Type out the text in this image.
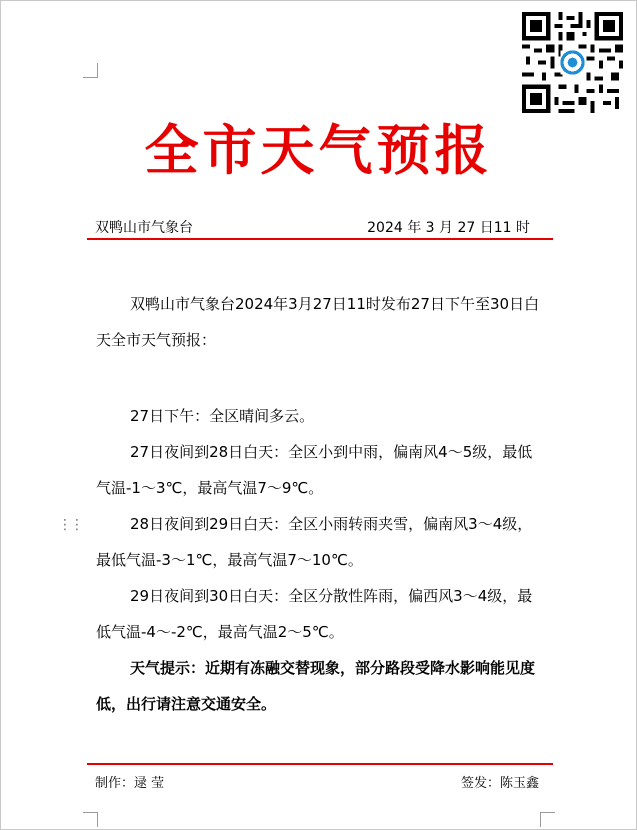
全市天气预报
双鸭山市气象台	2024 年 3 月 27 日11 时

双鸭山市气象台2024年3月27日11时发布27日下午至30日白天全市天气预报：

27日下午：全区晴间多云。

27日夜间到28日白天：全区小到中雨，偏南风4～5级，最低气温-1～3℃，最高气温7～9℃。

28日夜间到29日白天：全区小雨转雨夹雪，偏南风3～4级，最低气温-3～1℃，最高气温7～10℃。

29日夜间到30日白天：全区分散性阵雨，偏西风3～4级，最低气温-4～-2℃，最高气温2～5℃。

天气提示：近期有冻融交替现象，部分路段受降水影响能见度低，出行请注意交通安全。

⋮⋮
制作：逯 莹	签发：陈玉鑫
